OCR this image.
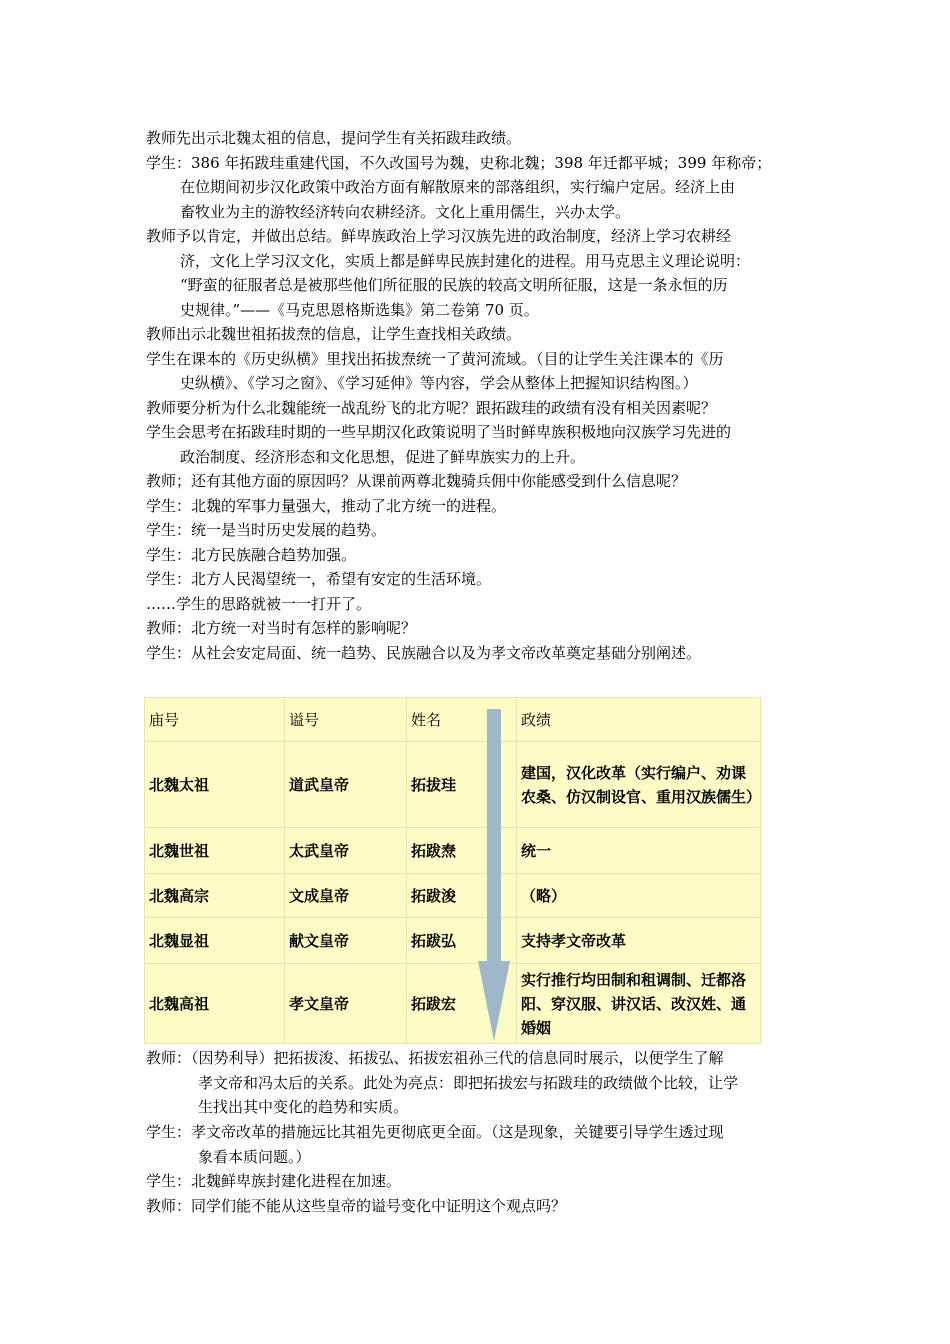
教师先出示北魏太祖的信息，提问学生有关拓跋珪政绩。
学生：386 年拓跋珪重建代国，不久改国号为魏，史称北魏；398 年迁都平城；399 年称帝；
在位期间初步汉化政策中政治方面有解散原来的部落组织，实行编户定居。经济上由
畜牧业为主的游牧经济转向农耕经济。文化上重用儒生，兴办太学。
教师予以肯定，并做出总结。鲜卑族政治上学习汉族先进的政治制度，经济上学习农耕经
济，文化上学习汉文化，实质上都是鲜卑民族封建化的进程。用马克思主义理论说明：
“野蛮的征服者总是被那些他们所征服的民族的较高文明所征服，这是一条永恒的历
史规律。”——《马克思恩格斯选集》第二卷第 70 页。
教师出示北魏世祖拓拔焘的信息，让学生查找相关政绩。
学生在课本的《历史纵横》里找出拓拔焘统一了黄河流域。（目的让学生关注课本的《历
史纵横》、《学习之窗》、《学习延伸》等内容，学会从整体上把握知识结构图。）
教师要分析为什么北魏能统一战乱纷飞的北方呢？跟拓跋珪的政绩有没有相关因素呢？
学生会思考在拓跋珪时期的一些早期汉化政策说明了当时鲜卑族积极地向汉族学习先进的
政治制度、经济形态和文化思想，促进了鲜卑族实力的上升。
教师；还有其他方面的原因吗？从课前两尊北魏骑兵佣中你能感受到什么信息呢？
学生：北魏的军事力量强大，推动了北方统一的进程。
学生：统一是当时历史发展的趋势。
学生：北方民族融合趋势加强。
学生：北方人民渴望统一，希望有安定的生活环境。
……学生的思路就被一一打开了。
教师：北方统一对当时有怎样的影响呢？
学生：从社会安定局面、统一趋势、民族融合以及为孝文帝改革奠定基础分别阐述。
庙号	谥号	姓名	政绩
北魏太祖	道武皇帝	拓拔珪	建国，汉化改革（实行编户、劝课农桑、仿汉制设官、重用汉族儒生）
北魏世祖	太武皇帝	拓跋焘	统一
北魏高宗	文成皇帝	拓跋浚	（略）
北魏显祖	献文皇帝	拓跋弘	支持孝文帝改革
北魏高祖	孝文皇帝	拓跋宏	实行推行均田制和租调制、迁都洛阳、穿汉服、讲汉话、改汉姓、通婚姻
教师：（因势利导）把拓拔浚、拓拔弘、拓拔宏祖孙三代的信息同时展示，以便学生了解
孝文帝和冯太后的关系。此处为亮点：即把拓拔宏与拓跋珪的政绩做个比较，让学
生找出其中变化的趋势和实质。
学生：孝文帝改革的措施远比其祖先更彻底更全面。（这是现象，关键要引导学生透过现
象看本质问题。）
学生：北魏鲜卑族封建化进程在加速。
教师：同学们能不能从这些皇帝的谥号变化中证明这个观点吗？
